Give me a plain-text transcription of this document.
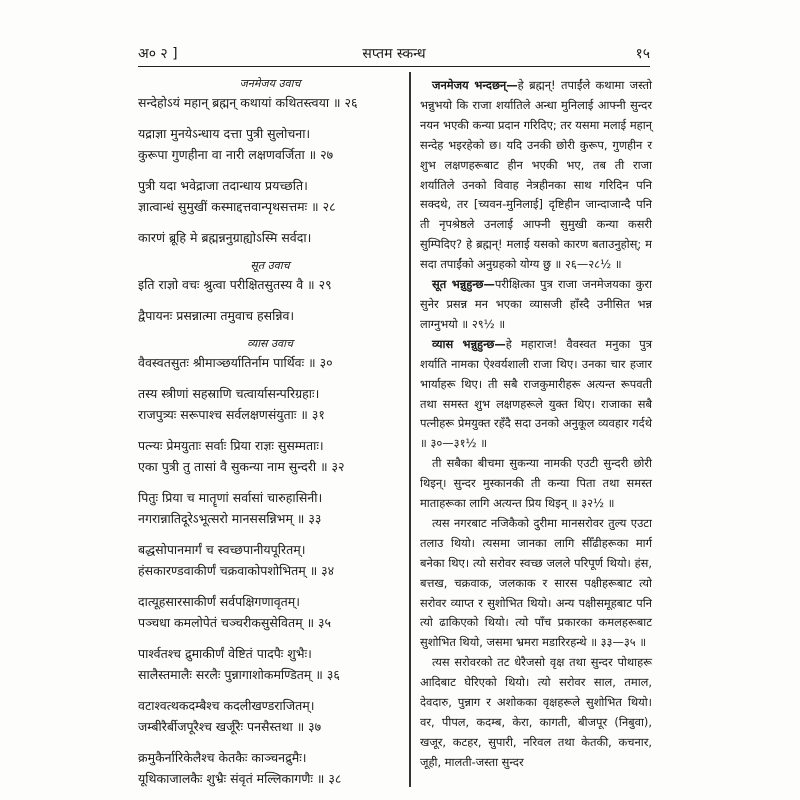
अ० २ ]	सप्तम स्कन्ध	१५
जनमेजय उवाच
सन्देहोऽयं महान् ब्रह्मन् कथायां कथितस्त्वया ॥ २६
यद्राज्ञा मुनयेऽन्धाय दत्ता पुत्री सुलोचना।
कुरूपा गुणहीना वा नारी लक्षणवर्जिता ॥ २७
पुत्री यदा भवेद्राजा तदान्धाय प्रयच्छति।
ज्ञात्वान्धं सुमुखीं कस्माद्दत्तवान्पृथसत्तमः ॥ २८
कारणं ब्रूहि मे ब्रह्मन्ननुग्राह्योऽस्मि सर्वदा।
सूत उवाच
इति राज्ञो वचः श्रुत्वा परीक्षितसुतस्य वै ॥ २९
द्वैपायनः प्रसन्नात्मा तमुवाच हसन्निव।
व्यास उवाच
वैवस्वतसुतः श्रीमाञ्छर्यातिर्नाम पार्थिवः ॥ ३०
तस्य स्त्रीणां सहस्राणि चत्वार्यासन्परिग्रहाः।
राजपुत्र्यः सरूपाश्च सर्वलक्षणसंयुताः ॥ ३१
पत्न्यः प्रेमयुताः सर्वाः प्रिया राज्ञः सुसम्मताः।
एका पुत्री तु तासां वै सुकन्या नाम सुन्दरी ॥ ३२
पितुः प्रिया च मातॄणां सर्वासां चारुहासिनी।
नगरान्नातिदूरेऽभूत्सरो मानससन्निभम् ॥ ३३
बद्धसोपानमार्गं च स्वच्छपानीयपूरितम्।
हंसकारण्डवाकीर्णं चक्रवाकोपशोभितम् ॥ ३४
दात्यूहसारसाकीर्णं सर्वपक्षिगणावृतम्।
पञ्चधा कमलोपेतं चञ्चरीकसुसेवितम् ॥ ३५
पार्श्वतश्च द्रुमाकीर्णं वेष्टितं पादपैः शुभैः।
सालैस्तमालैः सरलैः पुन्नागाशोकमण्डितम् ॥ ३६
वटाश्वत्थकदम्बैश्च कदलीखण्डराजितम्।
जम्बीरैर्बीजपूरैश्च खर्जूरैः पनसैस्तथा ॥ ३७
क्रमुकैर्नारिकेलैश्च केतकैः काञ्चनद्रुमैः।
यूथिकाजालकैः शुभ्रैः संवृतं मल्लिकागणैः ॥ ३८

जनमेजय भन्दछन्—हे ब्रह्मन्! तपाईंले कथामा जस्तो भन्नुभयो कि राजा शर्यातिले अन्धा मुनिलाई आफ्नी सुन्दर नयन भएकी कन्या प्रदान गरिदिए; तर यसमा मलाई महान् सन्देह भइरहेको छ। यदि उनकी छोरी कुरूप, गुणहीन र शुभ लक्षणहरूबाट हीन भएकी भए, तब ती राजा शर्यातिले उनको विवाह नेत्रहीनका साथ गरिदिन पनि सक्दथे, तर [च्यवन-मुनिलाई] दृष्टिहीन जान्दाजान्दै पनि ती नृपश्रेष्ठले उनलाई आफ्नी सुमुखी कन्या कसरी सुम्पिदिए? हे ब्रह्मन्! मलाई यसको कारण बताउनुहोस्; म सदा तपाईंको अनुग्रहको योग्य छु ॥ २६—२८½ ॥

सूत भन्नुहुन्छ—परीक्षित्का पुत्र राजा जनमेजयका कुरा सुनेर प्रसन्न मन भएका व्यासजी हाँस्दै उनीसित भन्न लाग्नुभयो ॥ २९½ ॥

व्यास भन्नुहुन्छ—हे महाराज! वैवस्वत मनुका पुत्र शर्याति नामका ऐश्वर्यशाली राजा थिए। उनका चार हजार भार्याहरू थिए। ती सबै राजकुमारीहरू अत्यन्त रूपवती तथा समस्त शुभ लक्षणहरूले युक्त थिए। राजाका सबै पत्नीहरू प्रेमयुक्त रहँदै सदा उनको अनुकूल व्यवहार गर्दथे ॥ ३०—३१½ ॥

ती सबैका बीचमा सुकन्या नामकी एउटी सुन्दरी छोरी थिइन्। सुन्दर मुस्कानकी ती कन्या पिता तथा समस्त माताहरूका लागि अत्यन्त प्रिय थिइन् ॥ ३२½ ॥

त्यस नगरबाट नजिकैको दुरीमा मानसरोवर तुल्य एउटा तलाउ थियो। त्यसमा जानका लागि सीँढीहरूका मार्ग बनेका थिए। त्यो सरोवर स्वच्छ जलले परिपूर्ण थियो। हंस, बत्तख, चक्रवाक, जलकाक र सारस पक्षीहरूबाट त्यो सरोवर व्याप्त र सुशोभित थियो। अन्य पक्षीसमूहबाट पनि त्यो ढाकिएको थियो। त्यो पाँच प्रकारका कमलहरूबाट सुशोभित थियो, जसमा भ्रमरा मडारिरहन्थे ॥ ३३—३५ ॥

त्यस सरोवरको तट धेरैजसो वृक्ष तथा सुन्दर पोथाहरू आदिबाट घेरिएको थियो। त्यो सरोवर साल, तमाल, देवदारु, पुन्नाग र अशोकका वृक्षहरूले सुशोभित थियो। वर, पीपल, कदम्ब, केरा, कागती, बीजपूर (निबुवा), खजूर, कटहर, सुपारी, नरिवल तथा केतकी, कचनार, जूही, मालती-जस्ता सुन्दर
